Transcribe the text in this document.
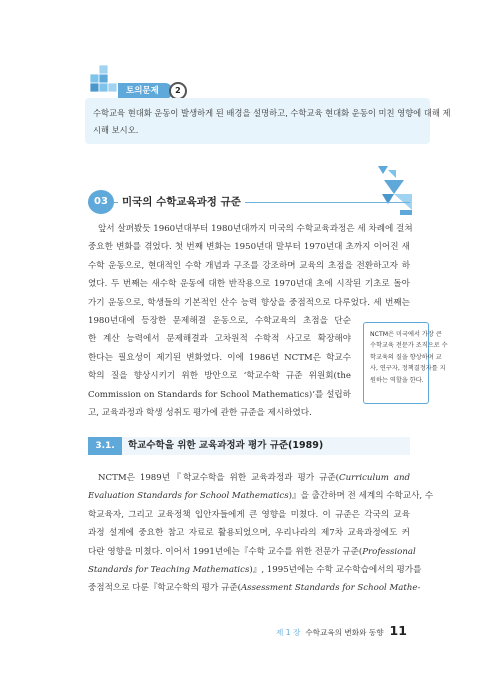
토의문제	2
수학교육 현대화 운동이 발생하게 된 배경을 설명하고, 수학교육 현대화 운동이 미친 영향에 대해 제
시해 보시오.
03	미국의 수학교육과정 규준
앞서 살펴봤듯 1960년대부터 1980년대까지 미국의 수학교육과정은 세 차례에 걸쳐
중요한 변화를 겪었다. 첫 번째 변화는 1950년대 말부터 1970년대 초까지 이어진 새
수학 운동으로, 현대적인 수학 개념과 구조를 강조하며 교육의 초점을 전환하고자 하
였다. 두 번째는 새수학 운동에 대한 반작용으로 1970년대 초에 시작된 기초로 돌아
가기 운동으로, 학생들의 기본적인 산수 능력 향상을 중점적으로 다루었다. 세 번째는
1980년대에 등장한 문제해결 운동으로, 수학교육의 초점을 단순
한 계산 능력에서 문제해결과 고차원적 수학적 사고로 확장해야
한다는 필요성이 제기된 변화였다. 이에 1986년 NCTM은 학교수
학의 질을 향상시키기 위한 방안으로 ‘학교수학 규준 위원회(the
Commission on Standards for School Mathematics)’를 설립하
고, 교육과정과 학생 성취도 평가에 관한 규준을 제시하였다.
NCTM은 미국에서 가장 큰
수학교육 전문가 조직으로 수
학교육의 질을 향상하며 교
사, 연구자, 정책결정자를 지
원하는 역할을 한다.
3.1.	학교수학을 위한 교육과정과 평가 규준(1989)
NCTM은 1989년『학교수학을 위한 교육과정과 평가 규준(Curriculum and
Evaluation Standards for School Mathematics)』을 출간하며 전 세계의 수학교사, 수
학교육자, 그리고 교육정책 입안자들에게 큰 영향을 미쳤다. 이 규준은 각국의 교육
과정 설계에 중요한 참고 자료로 활용되었으며, 우리나라의 제7차 교육과정에도 커
다란 영향을 미쳤다. 이어서 1991년에는『수학 교수를 위한 전문가 규준(Professional
Standards for Teaching Mathematics)』, 1995년에는 수학 교수학습에서의 평가를
중점적으로 다룬『학교수학의 평가 규준(Assessment Standards for School Mathe-
제 1 장 수학교육의 변화와 동향 11
